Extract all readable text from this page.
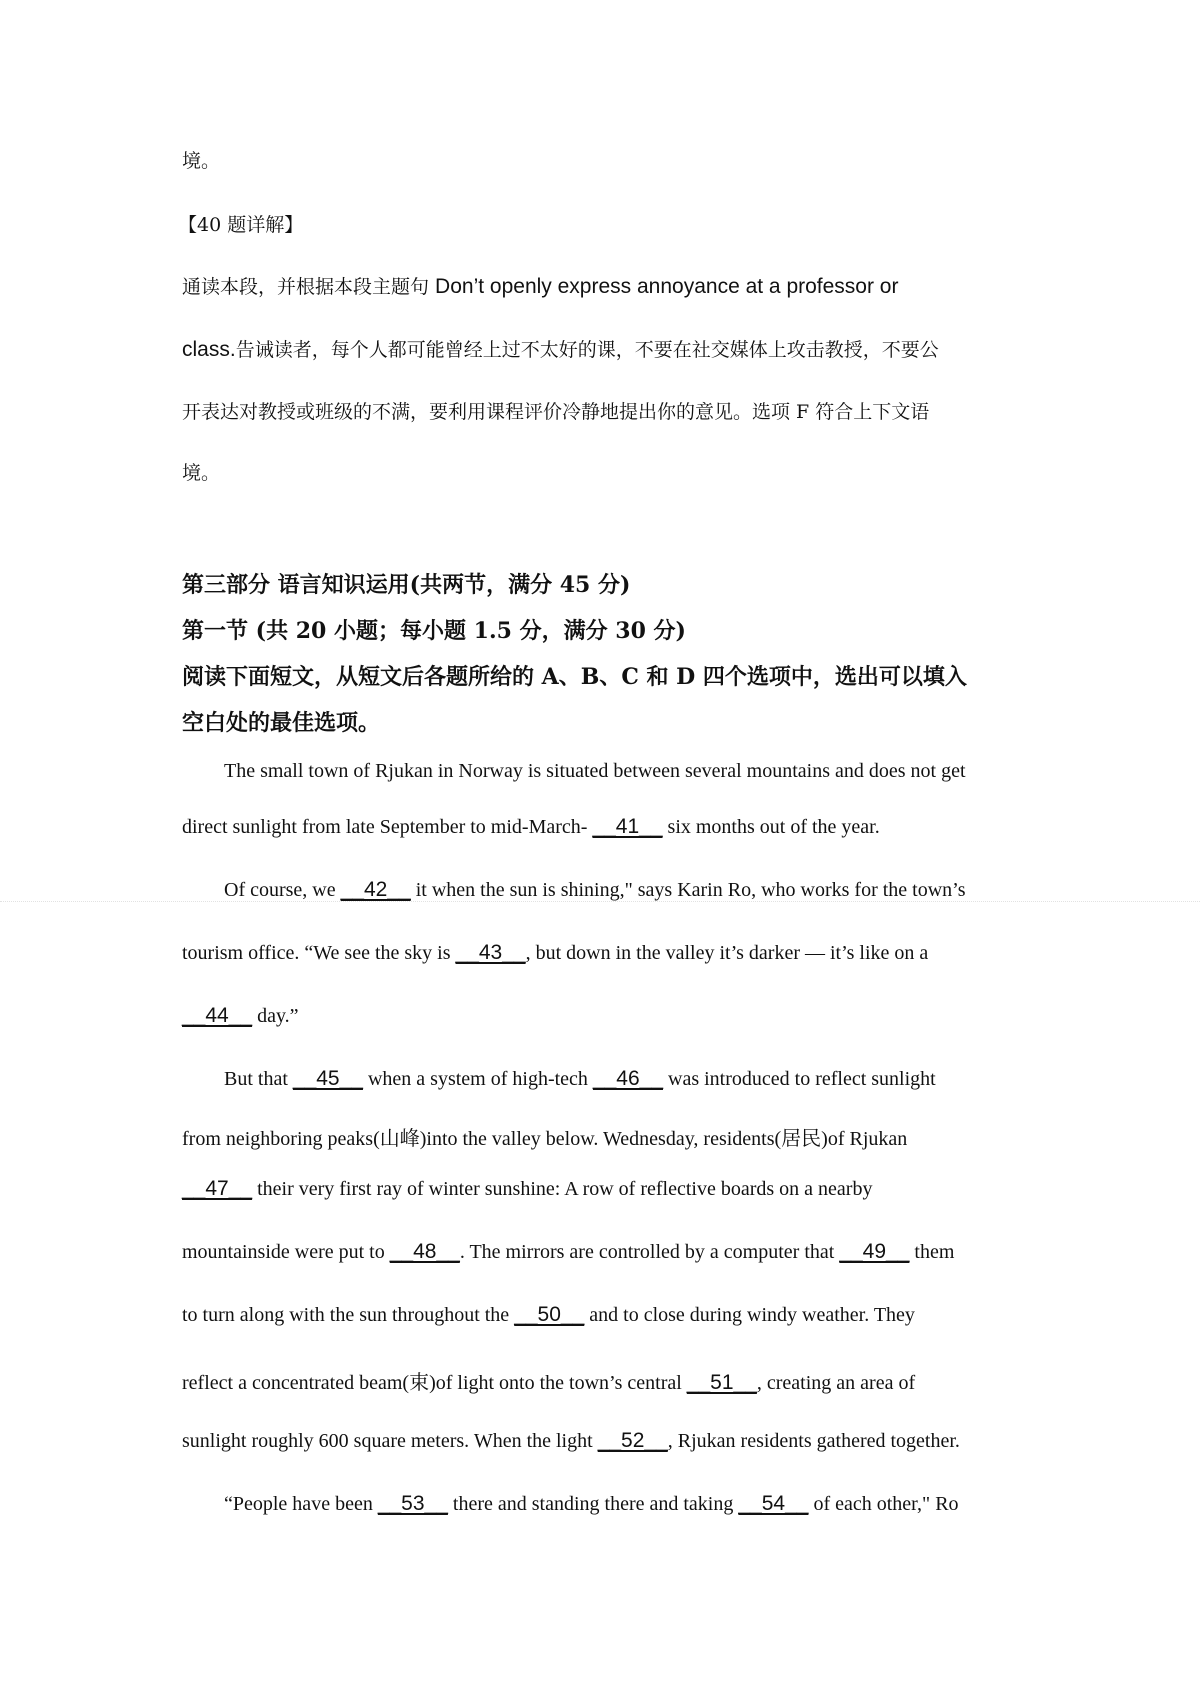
境。
【40 题详解】
通读本段，并根据本段主题句 Don’t openly express annoyance at a professor or
class.告诫读者，每个人都可能曾经上过不太好的课，不要在社交媒体上攻击教授，不要公
开表达对教授或班级的不满，要利用课程评价冷静地提出你的意见。选项 F 符合上下文语
境。
第三部分 语言知识运用(共两节，满分 45 分)
第一节 (共 20 小题；每小题 1.5 分，满分 30 分)
阅读下面短文，从短文后各题所给的 A、B、C 和 D 四个选项中，选出可以填入
空白处的最佳选项。
The small town of Rjukan in Norway is situated between several mountains and does not get
direct sunlight from late September to mid-March- __41__ six months out of the year.
Of course, we __42__ it when the sun is shining," says Karin Ro, who works for the town’s
tourism office. “We see the sky is __43__, but down in the valley it’s darker — it’s like on a
__44__ day.”
But that __45__ when a system of high-tech __46__ was introduced to reflect sunlight
from neighboring peaks(山峰)into the valley below. Wednesday, residents(居民)of Rjukan
__47__ their very first ray of winter sunshine: A row of reflective boards on a nearby
mountainside were put to __48__. The mirrors are controlled by a computer that __49__ them
to turn along with the sun throughout the __50__ and to close during windy weather. They
reflect a concentrated beam(束)of light onto the town’s central __51__, creating an area of
sunlight roughly 600 square meters. When the light __52__, Rjukan residents gathered together.
“People have been __53__ there and standing there and taking __54__ of each other," Ro
